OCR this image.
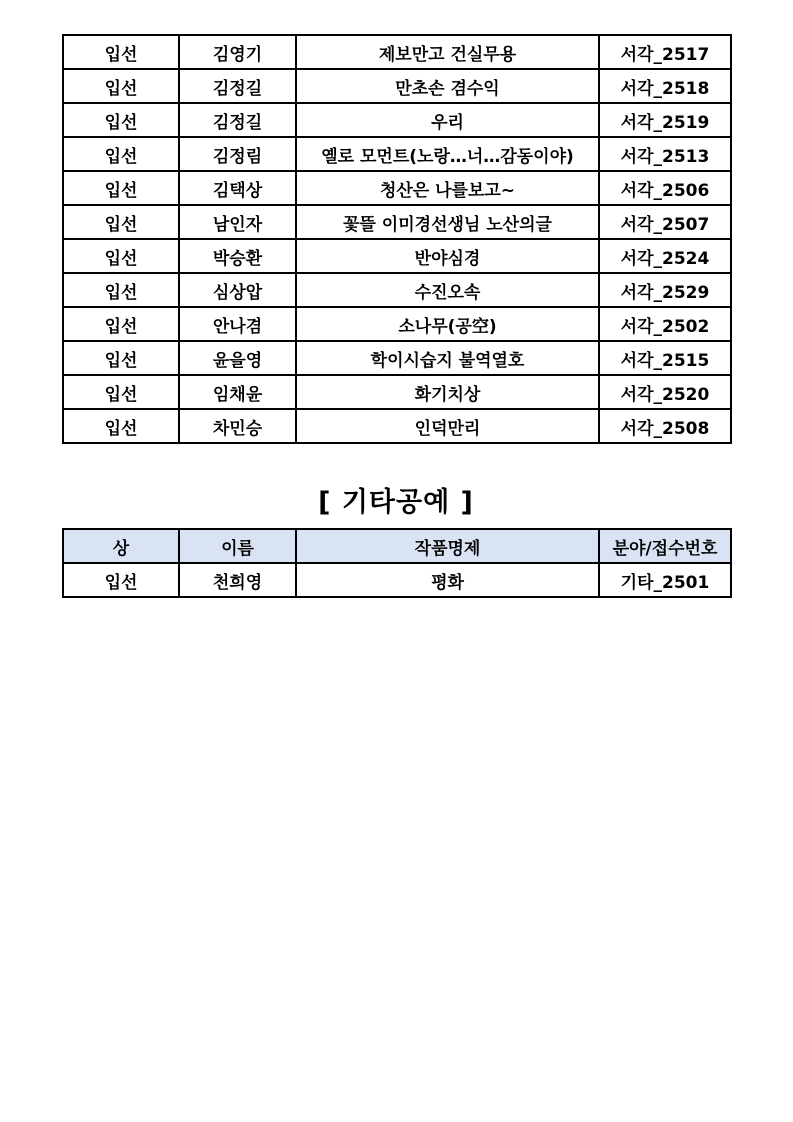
입선	김영기	제보만고 건실무용	서각_2517
입선	김정길	만초손 겸수익	서각_2518
입선	김정길	우리	서각_2519
입선	김정림	옐로 모먼트(노랑…너…감동이야)	서각_2513
입선	김택상	청산은 나를보고~	서각_2506
입선	남인자	꽃뜰 이미경선생님 노산의글	서각_2507
입선	박승환	반야심경	서각_2524
입선	심상압	수진오속	서각_2529
입선	안나겸	소나무(공空)	서각_2502
입선	윤을영	학이시습지 불역열호	서각_2515
입선	임채윤	화기치상	서각_2520
입선	차민승	인덕만리	서각_2508
[ 기타공예 ]
상	이름	작품명제	분야/접수번호
입선	천희영	평화	기타_2501
